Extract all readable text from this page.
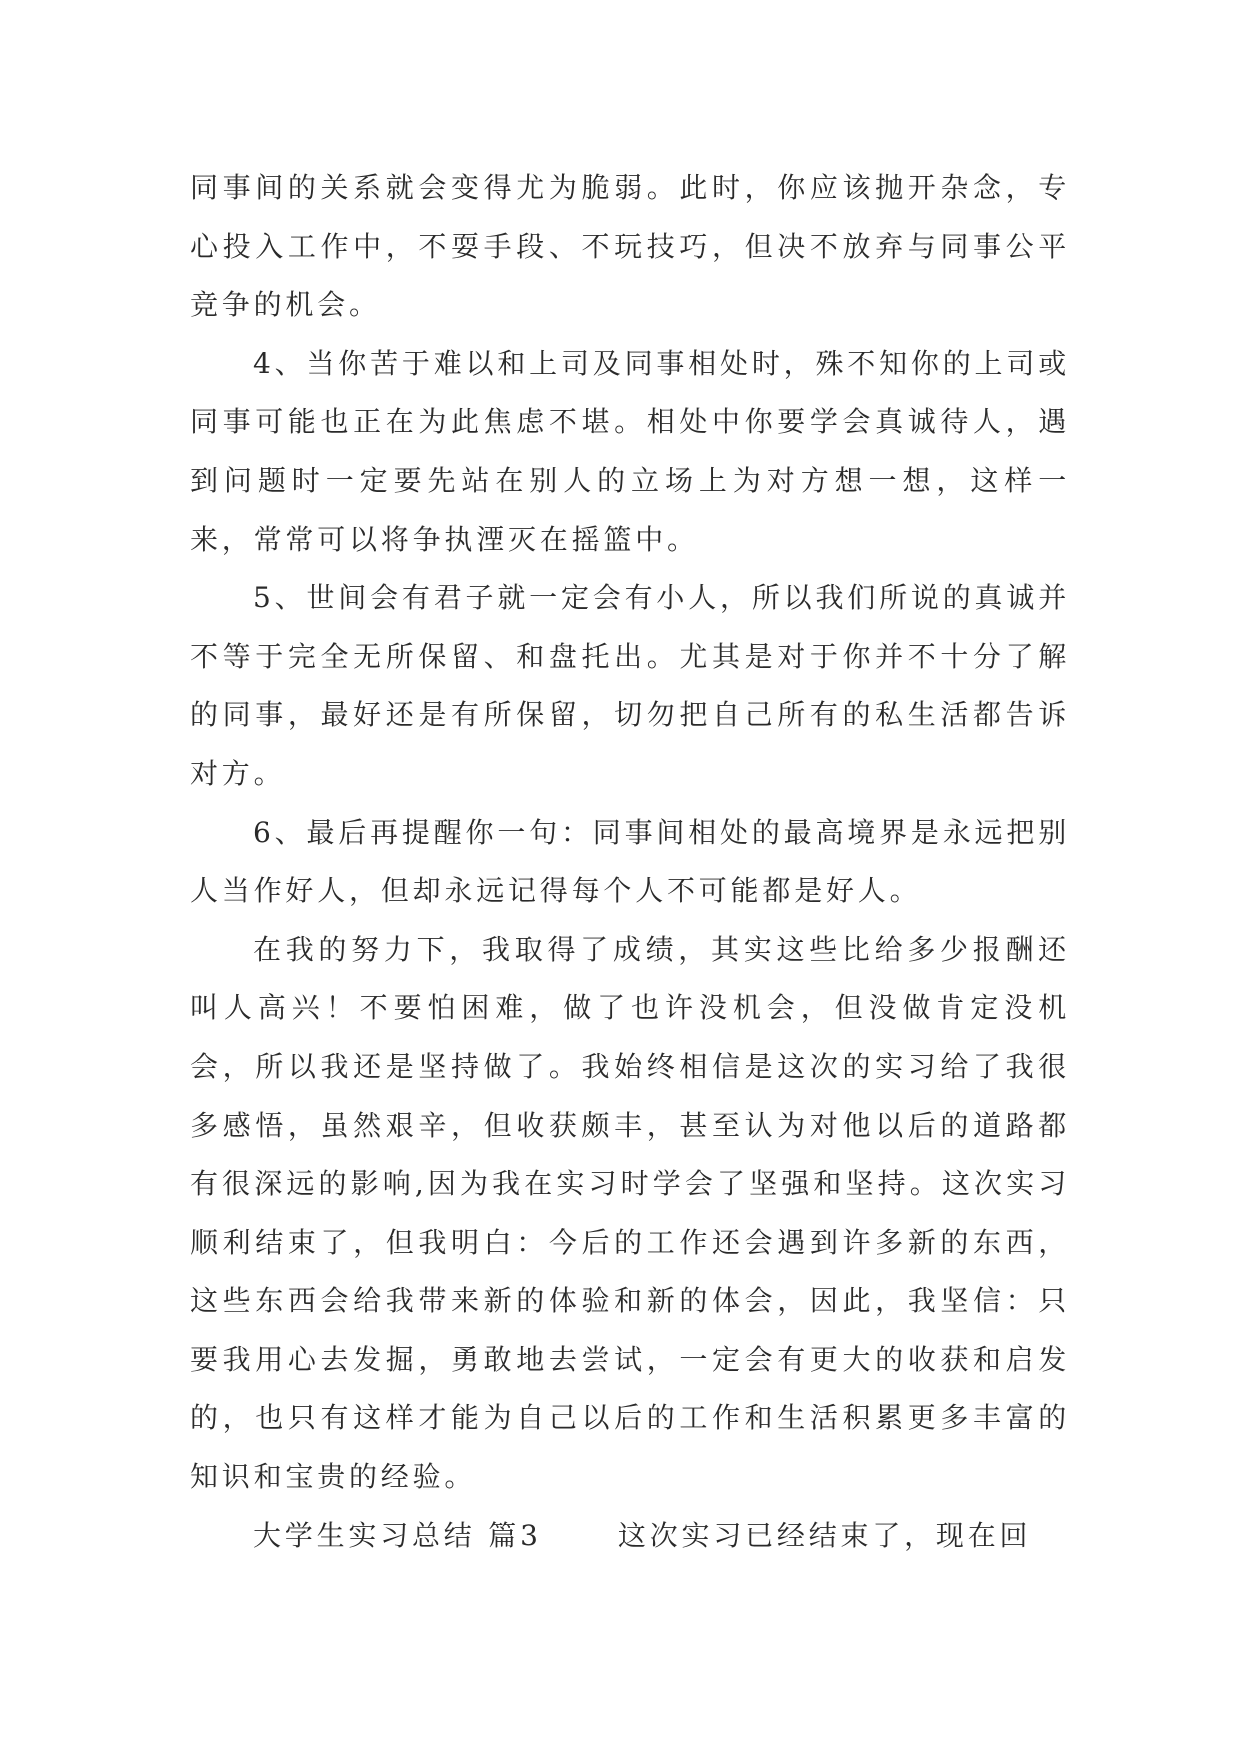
同事间的关系就会变得尤为脆弱。此时，你应该抛开杂念，专心投入工作中，不耍手段、不玩技巧，但决不放弃与同事公平竞争的机会。

4、当你苦于难以和上司及同事相处时，殊不知你的上司或同事可能也正在为此焦虑不堪。相处中你要学会真诚待人，遇到问题时一定要先站在别人的立场上为对方想一想，这样一来，常常可以将争执湮灭在摇篮中。

5、世间会有君子就一定会有小人，所以我们所说的真诚并不等于完全无所保留、和盘托出。尤其是对于你并不十分了解的同事，最好还是有所保留，切勿把自己所有的私生活都告诉对方。

6、最后再提醒你一句：同事间相处的最高境界是永远把别人当作好人，但却永远记得每个人不可能都是好人。

在我的努力下，我取得了成绩，其实这些比给多少报酬还叫人高兴！不要怕困难，做了也许没机会，但没做肯定没机会，所以我还是坚持做了。我始终相信是这次的实习给了我很多感悟，虽然艰辛，但收获颇丰，甚至认为对他以后的道路都有很深远的影响,因为我在实习时学会了坚强和坚持。这次实习顺利结束了，但我明白：今后的工作还会遇到许多新的东西，这些东西会给我带来新的体验和新的体会，因此，我坚信：只要我用心去发掘，勇敢地去尝试，一定会有更大的收获和启发的，也只有这样才能为自己以后的工作和生活积累更多丰富的知识和宝贵的经验。

大学生实习总结 篇3	这次实习已经结束了，现在回
